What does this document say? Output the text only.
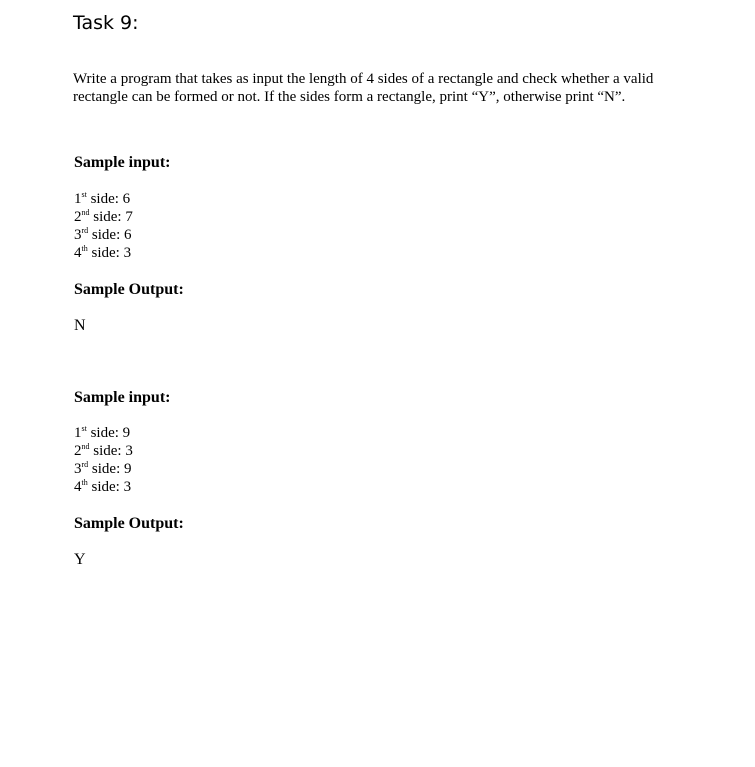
Task 9:

Write a program that takes as input the length of 4 sides of a rectangle and check whether a valid

rectangle can be formed or not. If the sides form a rectangle, print “Y”, otherwise print “N”.

Sample input:

1st side: 6
2nd side: 7
3rd side: 6
4th side: 3

Sample Output:

N

Sample input:

1st side: 9
2nd side: 3
3rd side: 9
4th side: 3

Sample Output:

Y
